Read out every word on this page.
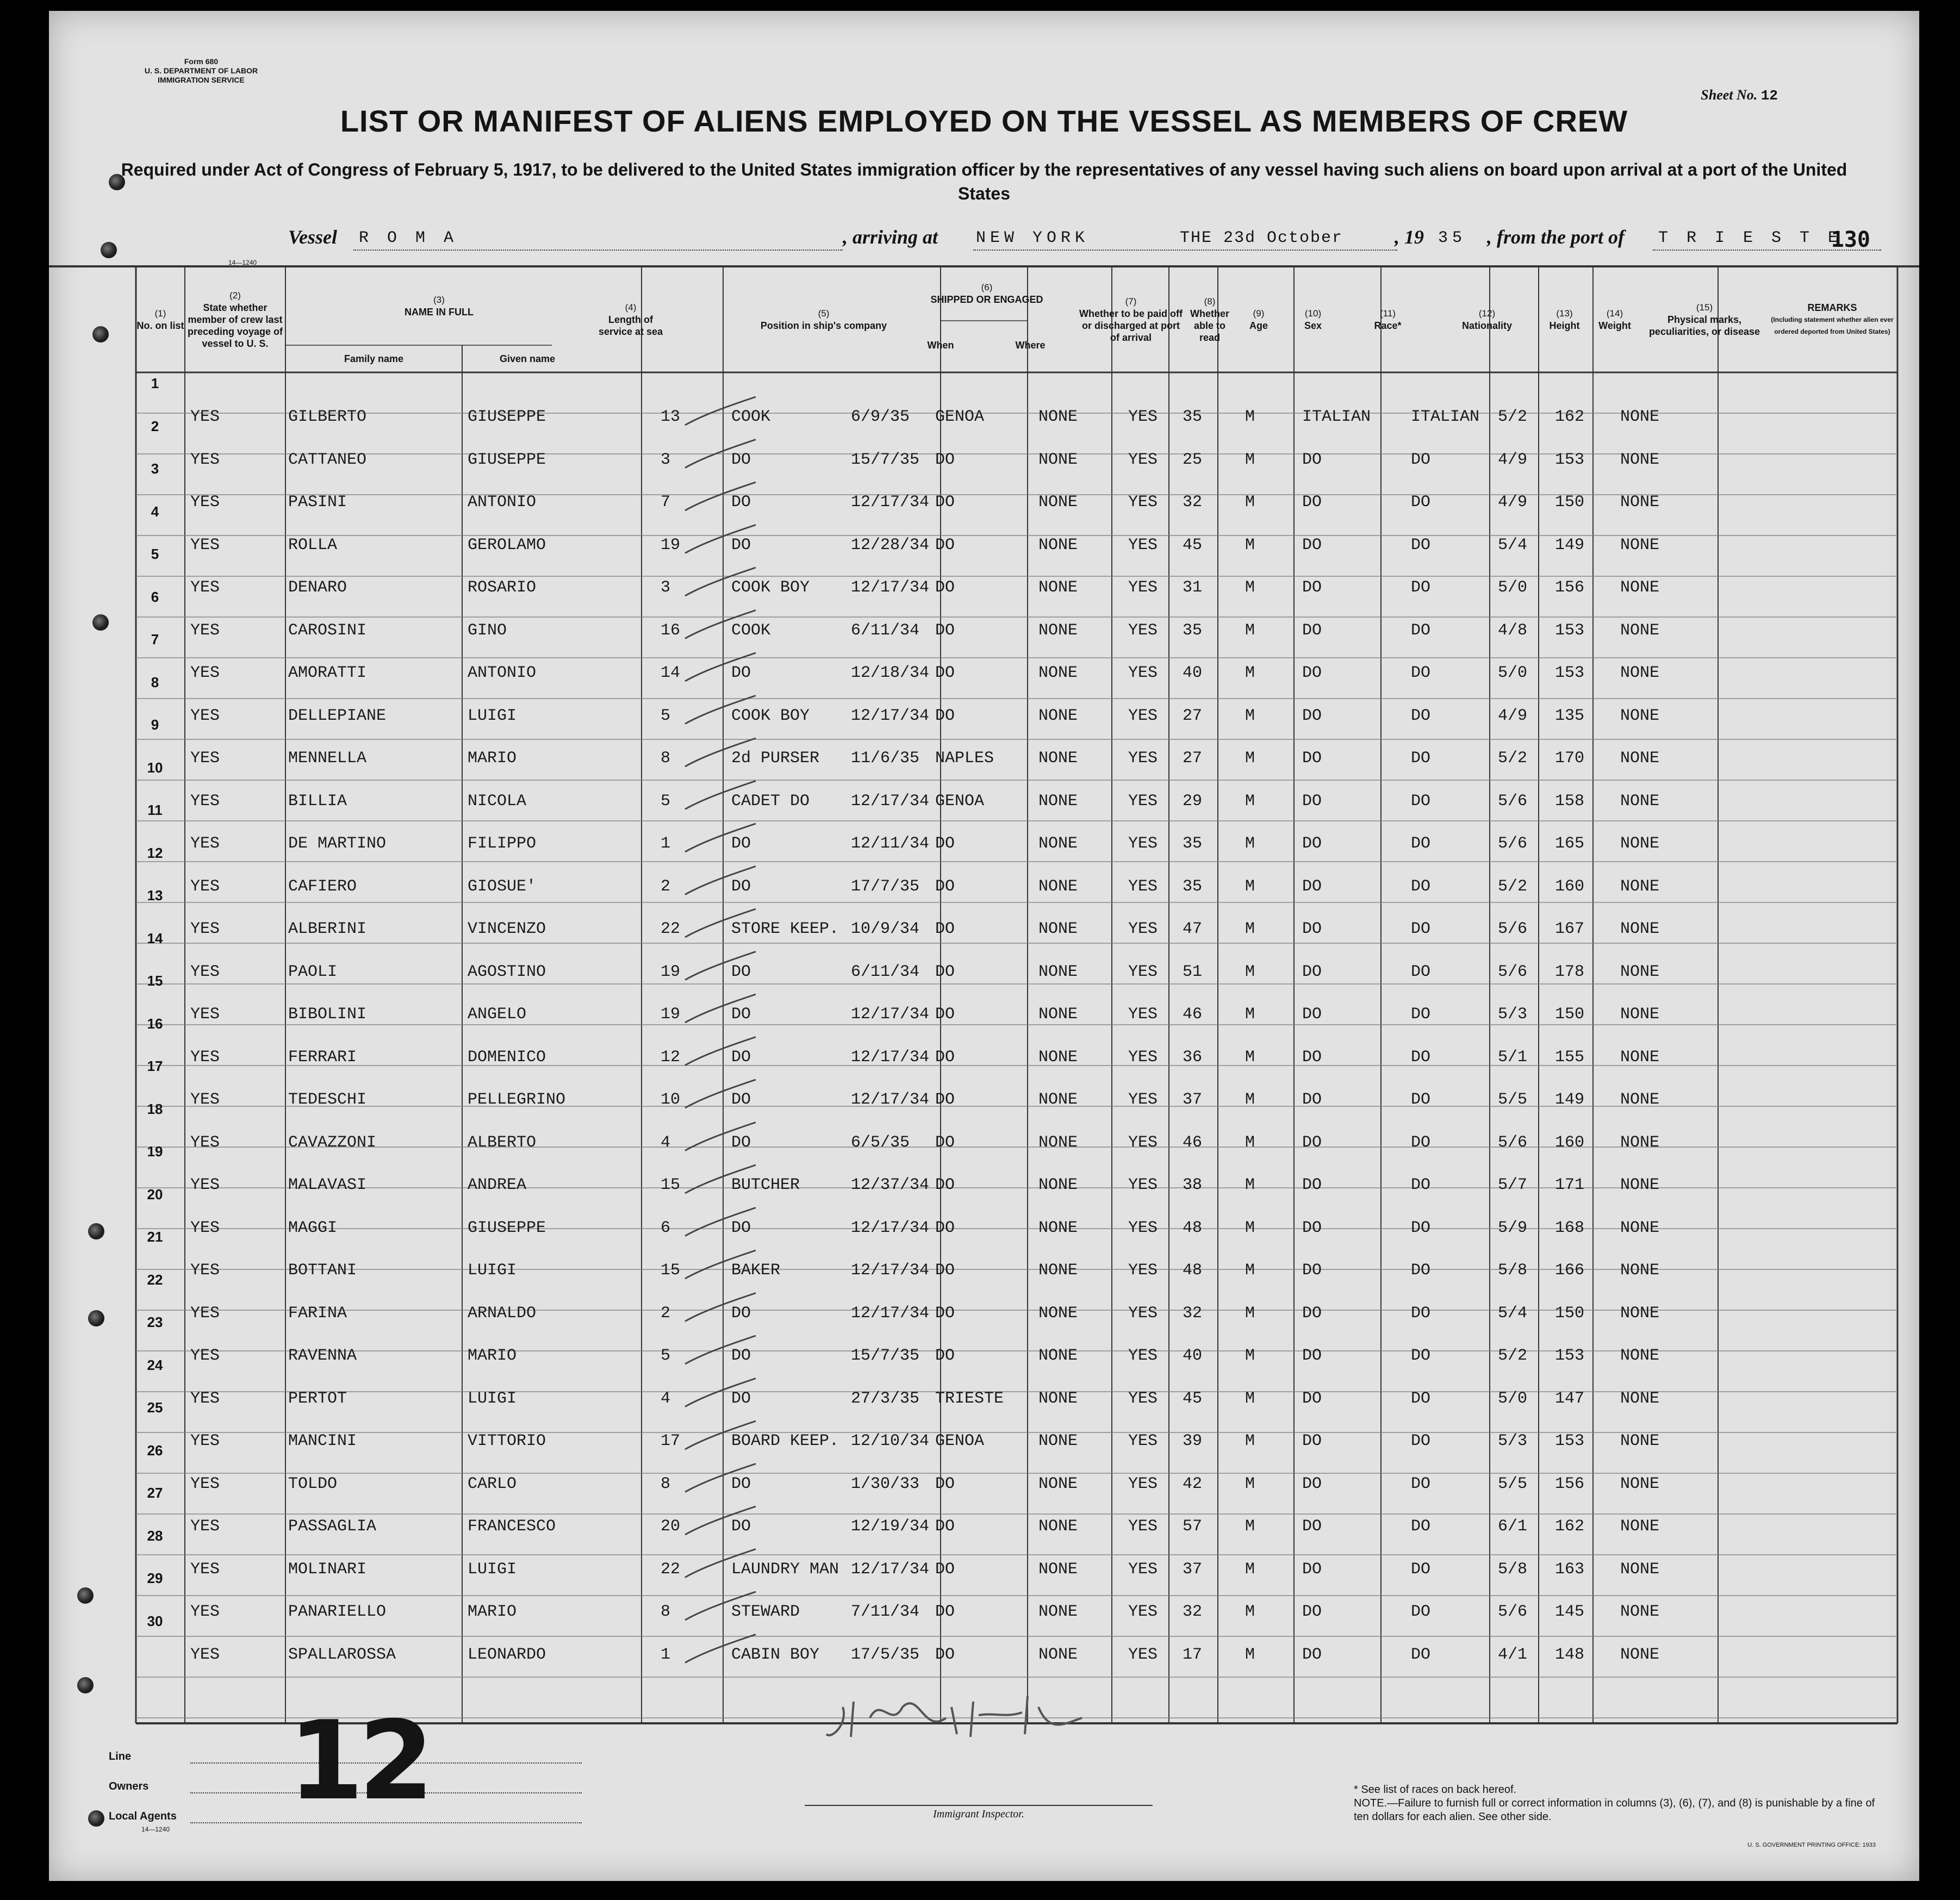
Form 680
U. S. DEPARTMENT OF LABOR
IMMIGRATION SERVICE
Sheet No. 12
LIST OR MANIFEST OF ALIENS EMPLOYED ON THE VESSEL AS MEMBERS OF CREW
Required under Act of Congress of February 5, 1917, to be delivered to the United States immigration officer by the representatives of any vessel having such aliens on board upon arrival at a port of the United States
Vessel R O M A	, arriving at NEW YORK	THE 23d October	, 19 35 , from the port of T R I E S T E
130
14—1240
(1)
No. on list
(2)
State whether member of crew last preceding voyage of vessel to U. S.
(3)
NAME IN FULL
Family name	Given name
(4)
Length of service at sea
(5)
Position in ship's company
(6)
SHIPPED OR ENGAGED
When	Where
(7)
Whether to be paid off or discharged at port of arrival
(8)
Whether able to read
(9)
Age
(10)
Sex
(11)
Race*
(12)
Nationality
(13)
Height
(14)
Weight
(15)
Physical marks, peculiarities, or disease
REMARKS
(Including statement whether alien ever ordered deported from United States)
1
YES	GILBERTO	GIUSEPPE	13	COOK	6/9/35 GENOA	NONE	YES 35	M	ITALIAN ITALIAN 5/2 162 NONE
2
YES	CATTANEO	GIUSEPPE	3	DO	15/7/35 DO	NONE	YES 25	M	DO	DO	4/9 153 NONE
3
YES	PASINI	ANTONIO	7	DO	12/17/34 DO	NONE	YES 32	M	DO	DO	4/9 150 NONE
4
YES	ROLLA	GEROLAMO	19	DO	12/28/34 DO	NONE	YES 45	M	DO	DO	5/4 149 NONE
5
YES	DENARO	ROSARIO	3	COOK BOY	12/17/34 DO	NONE	YES 31	M	DO	DO	5/0 156 NONE
6
YES	CAROSINI	GINO	16	COOK	6/11/34 DO	NONE	YES 35	M	DO	DO	4/8 153 NONE
7
YES	AMORATTI	ANTONIO	14	DO	12/18/34 DO	NONE	YES 40	M	DO	DO	5/0 153 NONE
8
YES	DELLEPIANE	LUIGI	5	COOK BOY	12/17/34 DO	NONE	YES 27	M	DO	DO	4/9 135 NONE
9
YES	MENNELLA	MARIO	8	2d PURSER 11/6/35 NAPLES	NONE	YES 27	M	DO	DO	5/2 170 NONE
10
YES	BILLIA	NICOLA	5	CADET DO	12/17/34 GENOA	NONE	YES 29	M	DO	DO	5/6 158 NONE
11
YES	DE MARTINO	FILIPPO	1	DO	12/11/34 DO	NONE	YES 35	M	DO	DO	5/6 165 NONE
12
YES	CAFIERO	GIOSUE'	2	DO	17/7/35 DO	NONE	YES 35	M	DO	DO	5/2 160 NONE
13
YES	ALBERINI	VINCENZO	22	STORE KEEP. 10/9/34 DO	NONE	YES 47	M	DO	DO	5/6 167 NONE
14
YES	PAOLI	AGOSTINO	19	DO	6/11/34 DO	NONE	YES 51	M	DO	DO	5/6 178 NONE
15
YES	BIBOLINI	ANGELO	19	DO	12/17/34 DO	NONE	YES 46	M	DO	DO	5/3 150 NONE
16
YES	FERRARI	DOMENICO	12	DO	12/17/34 DO	NONE	YES 36	M	DO	DO	5/1 155 NONE
17
YES	TEDESCHI	PELLEGRINO	10	DO	12/17/34 DO	NONE	YES 37	M	DO	DO	5/5 149 NONE
18
YES	CAVAZZONI	ALBERTO	4	DO	6/5/35 DO	NONE	YES 46	M	DO	DO	5/6 160 NONE
19
YES	MALAVASI	ANDREA	15	BUTCHER	12/37/34 DO	NONE	YES 38	M	DO	DO	5/7 171 NONE
20
YES	MAGGI	GIUSEPPE	6	DO	12/17/34 DO	NONE	YES 48	M	DO	DO	5/9 168 NONE
21
YES	BOTTANI	LUIGI	15	BAKER	12/17/34 DO	NONE	YES 48	M	DO	DO	5/8 166 NONE
22
YES	FARINA	ARNALDO	2	DO	12/17/34 DO	NONE	YES 32	M	DO	DO	5/4 150 NONE
23
YES	RAVENNA	MARIO	5	DO	15/7/35 DO	NONE	YES 40	M	DO	DO	5/2 153 NONE
24
YES	PERTOT	LUIGI	4	DO	27/3/35 TRIESTE NONE	YES 45	M	DO	DO	5/0 147 NONE
25
YES	MANCINI	VITTORIO	17	BOARD KEEP. 12/10/34 GENOA	NONE	YES 39	M	DO	DO	5/3 153 NONE
26
YES	TOLDO	CARLO	8	DO	1/30/33 DO	NONE	YES 42	M	DO	DO	5/5 156 NONE
27
YES	PASSAGLIA	FRANCESCO	20	DO	12/19/34 DO	NONE	YES 57	M	DO	DO	6/1 162 NONE
28
YES	MOLINARI	LUIGI	22	LAUNDRY MAN 12/17/34 DO	NONE	YES 37	M	DO	DO	5/8 163 NONE
29
YES	PANARIELLO	MARIO	8	STEWARD	7/11/34 DO	NONE	YES 32	M	DO	DO	5/6 145 NONE
30
YES	SPALLAROSSA	LEONARDO	1	CABIN BOY 17/5/35 DO	NONE	YES 17	M	DO	DO	4/1 148 NONE
Line
Owners
Local Agents
14—1240
12	Immigrant Inspector.
* See list of races on back hereof.
NOTE.—Failure to furnish full or correct information in columns (3), (6), (7), and (8) is punishable by a fine of ten dollars for each alien. See other side.
U. S. GOVERNMENT PRINTING OFFICE: 1933
